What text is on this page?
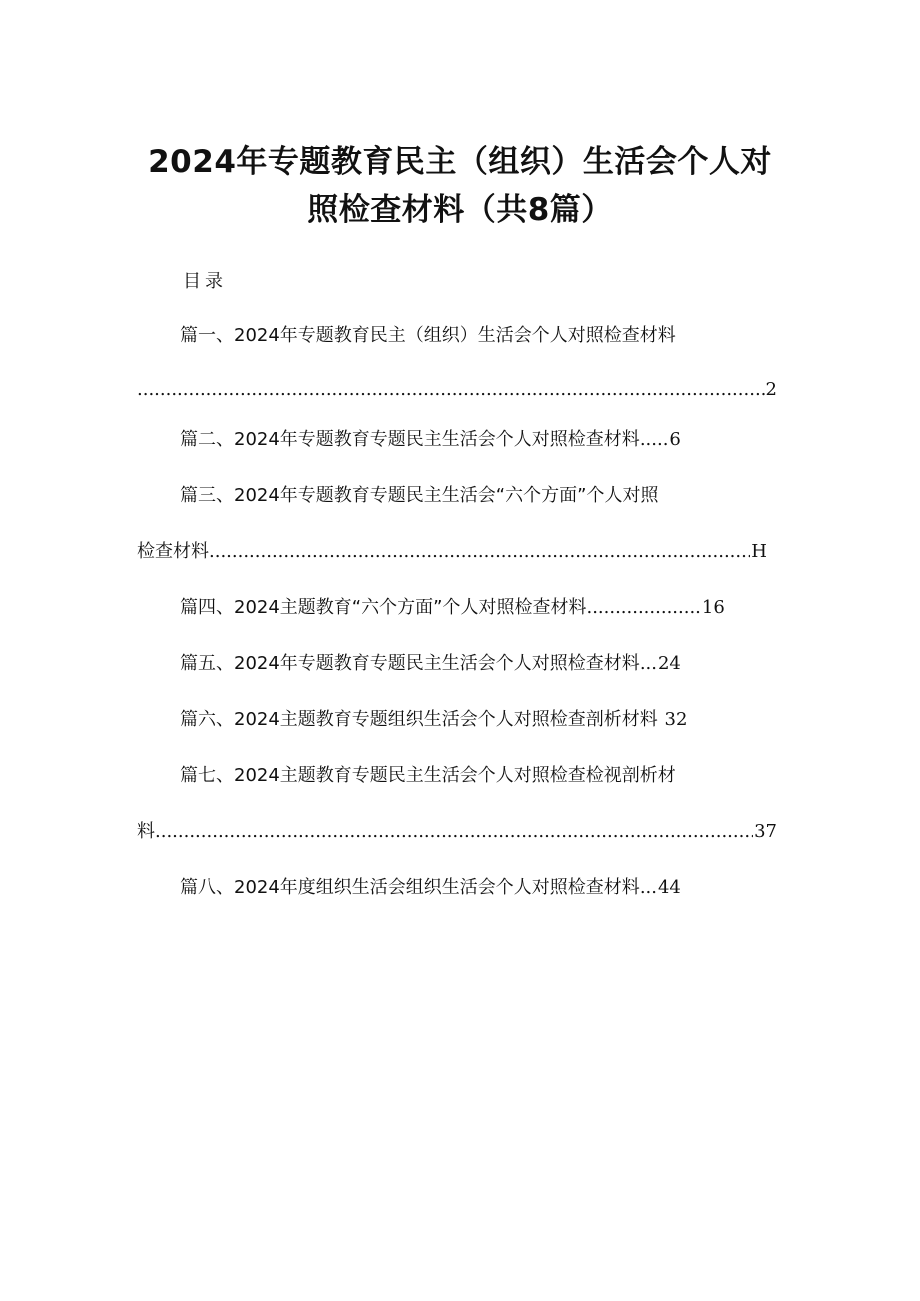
2024年专题教育民主（组织）生活会个人对
照检查材料（共8篇）
目录
篇一、2024年专题教育民主（组织）生活会个人对照检查材料
.....
2
篇二、2024年专题教育专题民主生活会个人对照检查材料.....6
篇三、2024年专题教育专题民主生活会“六个方面”个人对照
检查材料 .....	H
篇四、2024主题教育“六个方面”个人对照检查材料....................16
篇五、2024年专题教育专题民主生活会个人对照检查材料...24
篇六、2024主题教育专题组织生活会个人对照检查剖析材料 32
篇七、2024主题教育专题民主生活会个人对照检查检视剖析材
料 .....	37
篇八、2024年度组织生活会组织生活会个人对照检查材料...44
